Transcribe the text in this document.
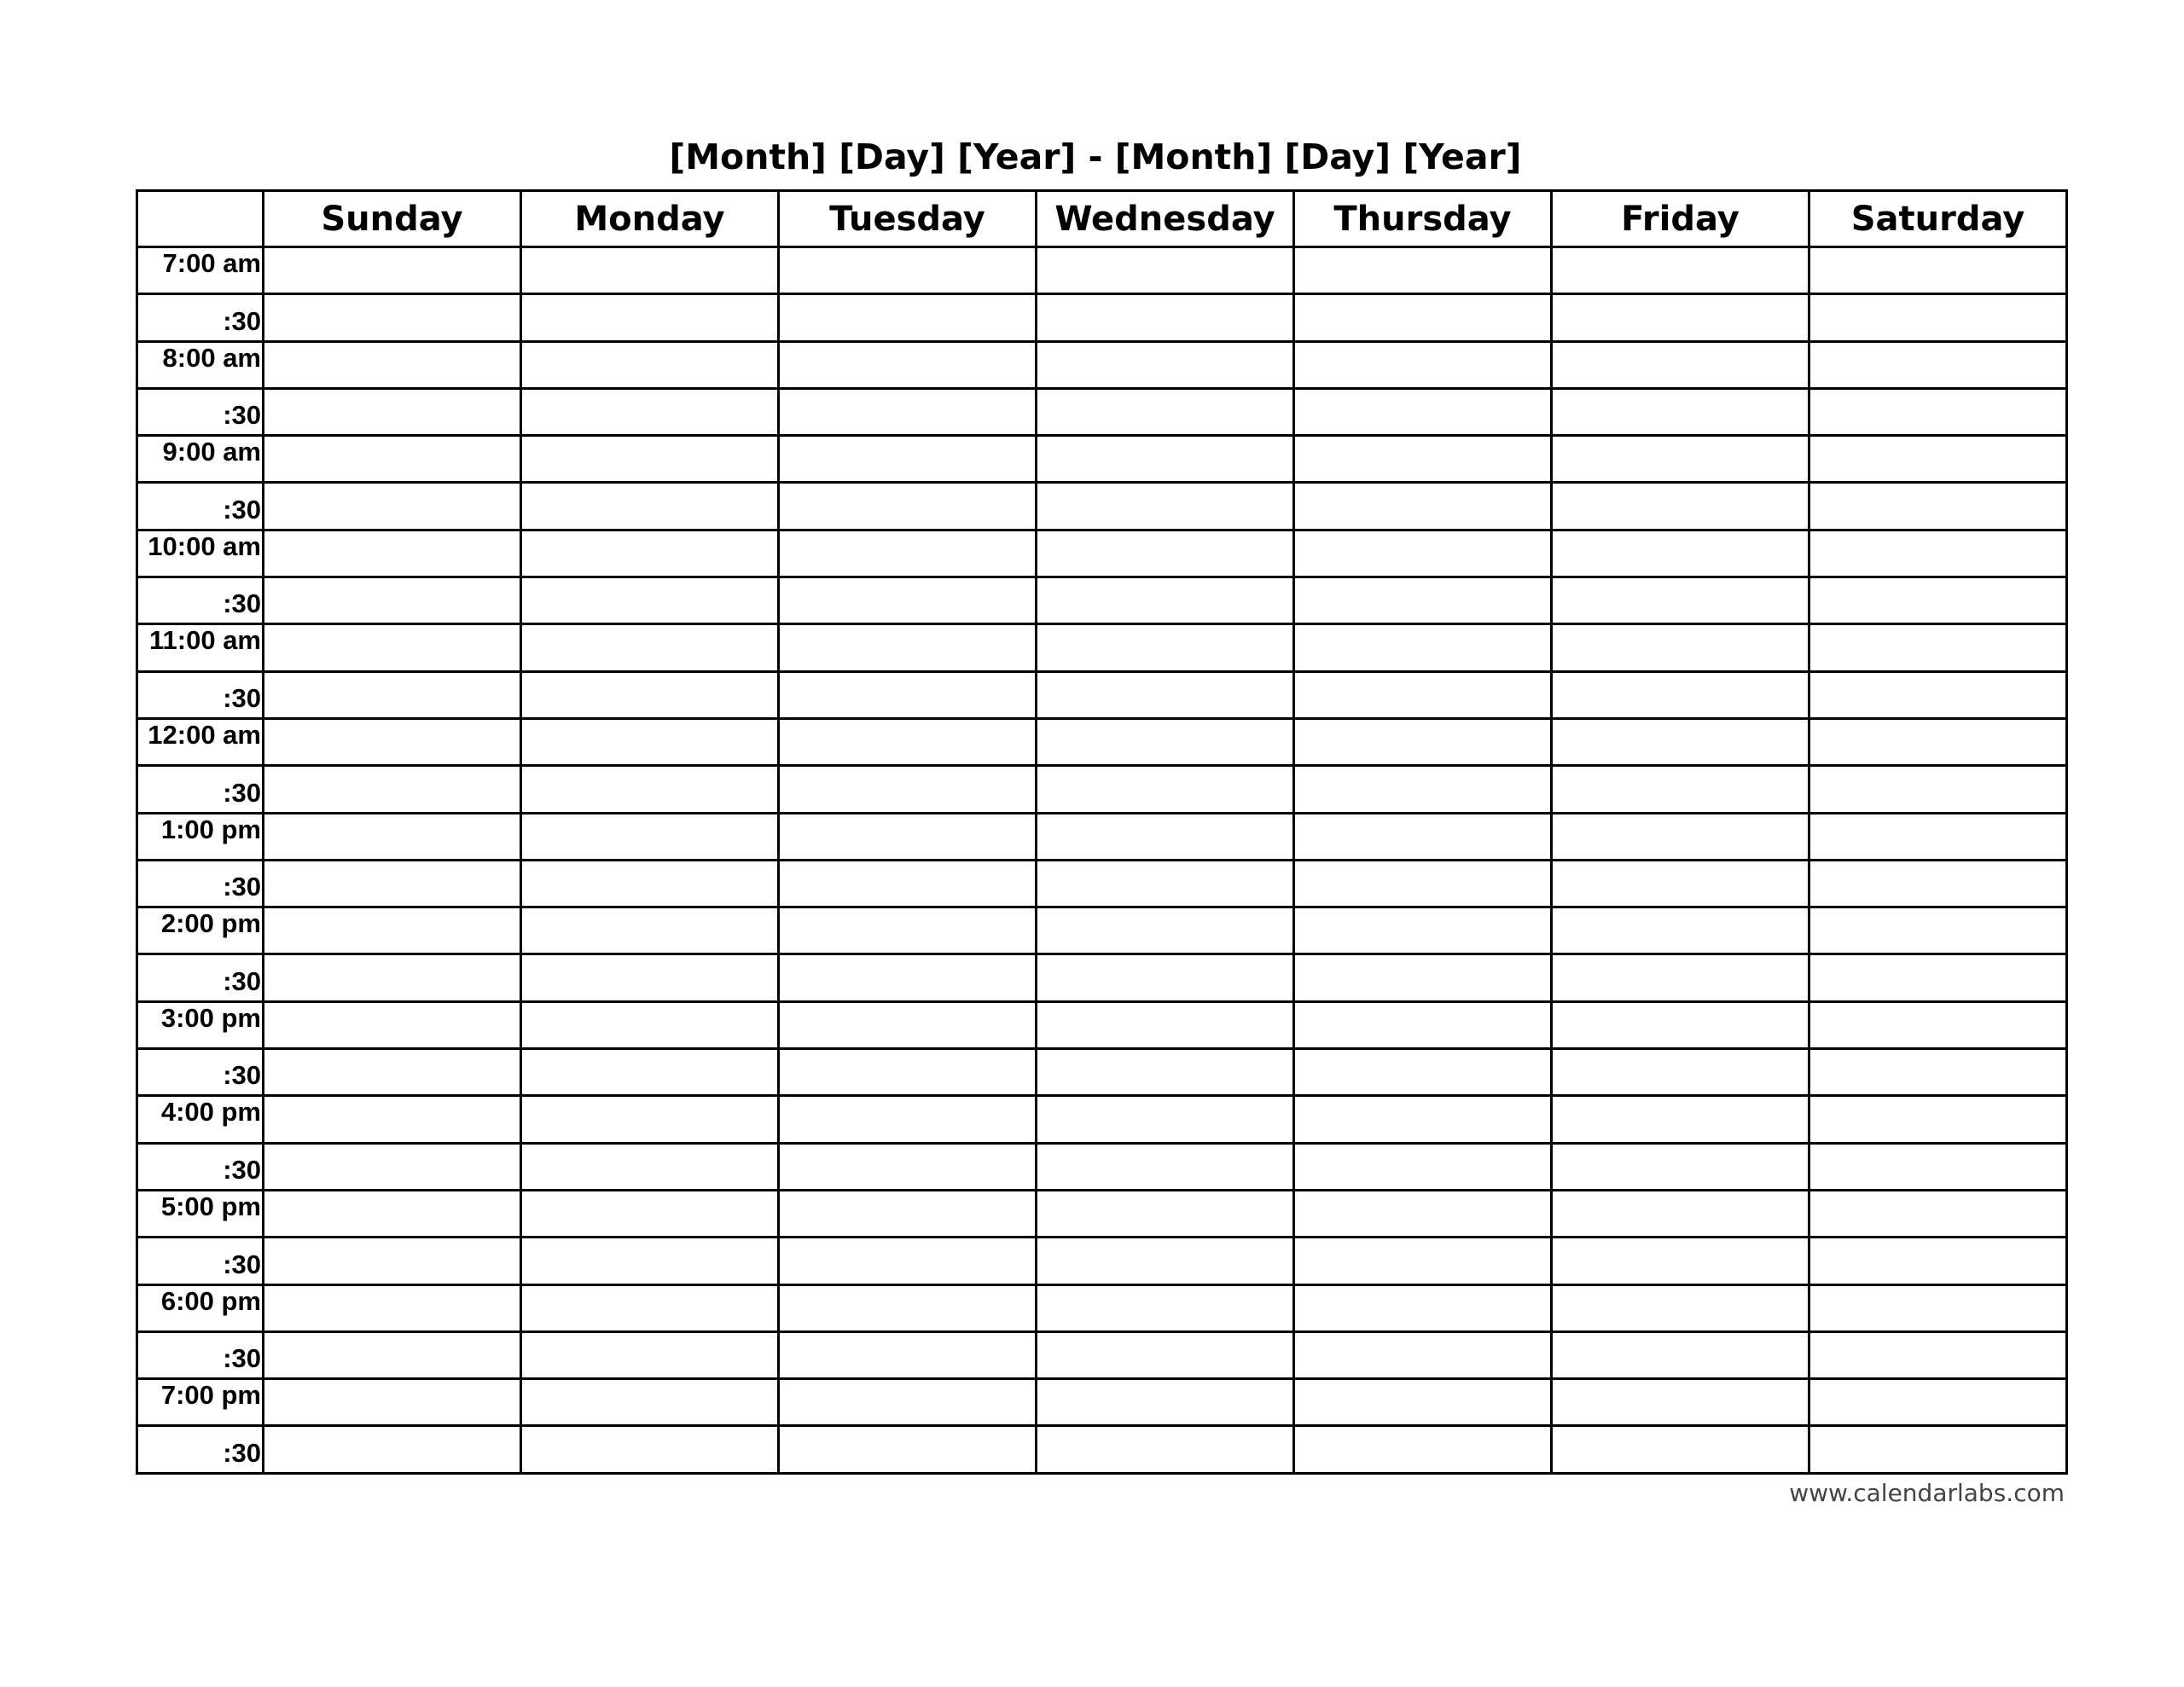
[Month] [Day] [Year] - [Month] [Day] [Year]
	Sunday	Monday	Tuesday	Wednesday	Thursday	Friday	Saturday
7:00 am							
:30							
8:00 am							
:30							
9:00 am							
:30							
10:00 am							
:30							
11:00 am							
:30							
12:00 am							
:30							
1:00 pm							
:30							
2:00 pm							
:30							
3:00 pm							
:30							
4:00 pm							
:30							
5:00 pm							
:30							
6:00 pm							
:30							
7:00 pm							
:30							
www.calendarlabs.com
